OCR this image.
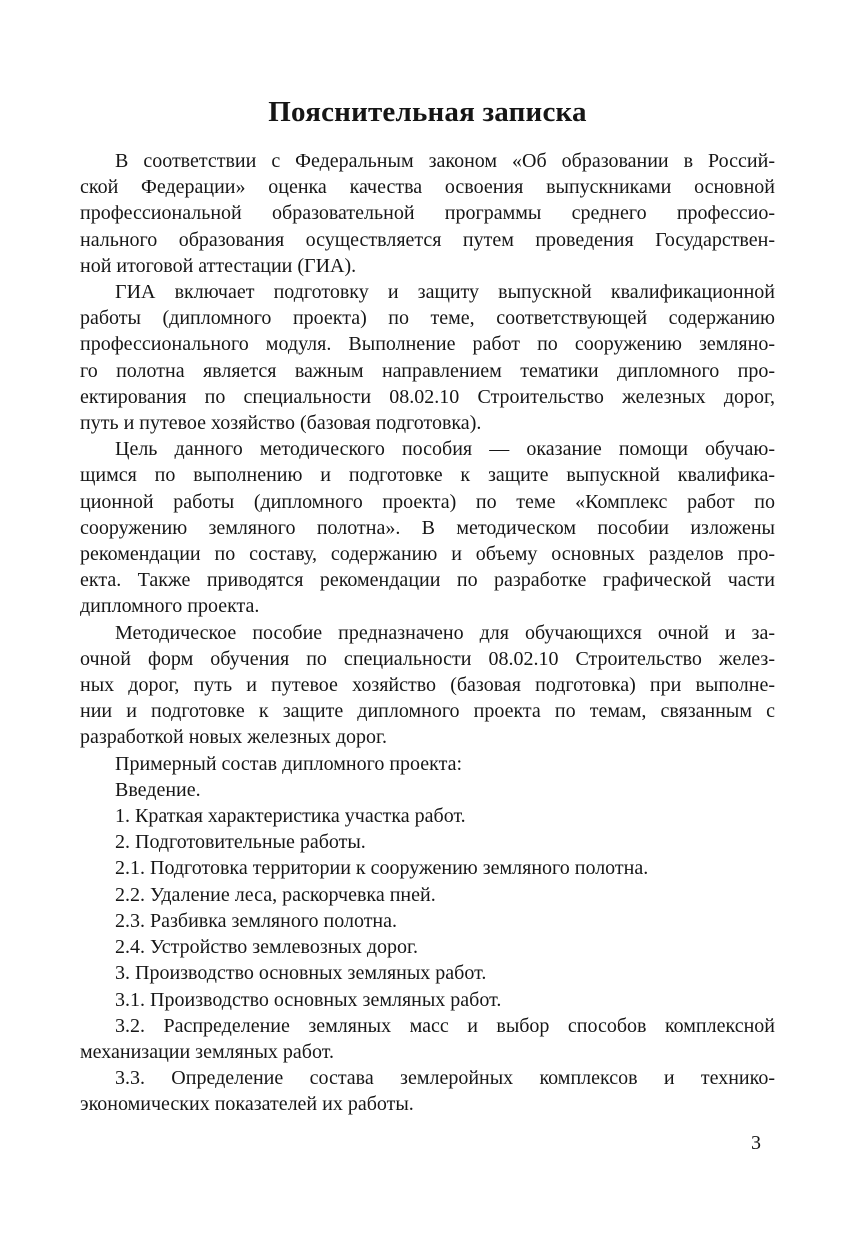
Пояснительная записка

В соответствии с Федеральным законом «Об образовании в Россий-
ской Федерации» оценка качества освоения выпускниками основной
профессиональной образовательной программы среднего профессио-
нального образования осуществляется путем проведения Государствен-
ной итоговой аттестации (ГИА).

ГИА включает подготовку и защиту выпускной квалификационной
работы (дипломного проекта) по теме, соответствующей содержанию
профессионального модуля. Выполнение работ по сооружению земляно-
го полотна является важным направлением тематики дипломного про-
ектирования по специальности 08.02.10 Строительство железных дорог,
путь и путевое хозяйство (базовая подготовка).

Цель данного методического пособия — оказание помощи обучаю-
щимся по выполнению и подготовке к защите выпускной квалифика-
ционной работы (дипломного проекта) по теме «Комплекс работ по
сооружению земляного полотна». В методическом пособии изложены
рекомендации по составу, содержанию и объему основных разделов про-
екта. Также приводятся рекомендации по разработке графической части
дипломного проекта.

Методическое пособие предназначено для обучающихся очной и за-
очной форм обучения по специальности 08.02.10 Строительство желез-
ных дорог, путь и путевое хозяйство (базовая подготовка) при выполне-
нии и подготовке к защите дипломного проекта по темам, связанным с
разработкой новых железных дорог.

Примерный состав дипломного проекта:

Введение.

1. Краткая характеристика участка работ.

2. Подготовительные работы.

2.1. Подготовка территории к сооружению земляного полотна.

2.2. Удаление леса, раскорчевка пней.

2.3. Разбивка земляного полотна.

2.4. Устройство землевозных дорог.

3. Производство основных земляных работ.

3.1. Производство основных земляных работ.

3.2. Распределение земляных масс и выбор способов комплексной
механизации земляных работ.

3.3. Определение состава землеройных комплексов и технико-
экономических показателей их работы.

3
